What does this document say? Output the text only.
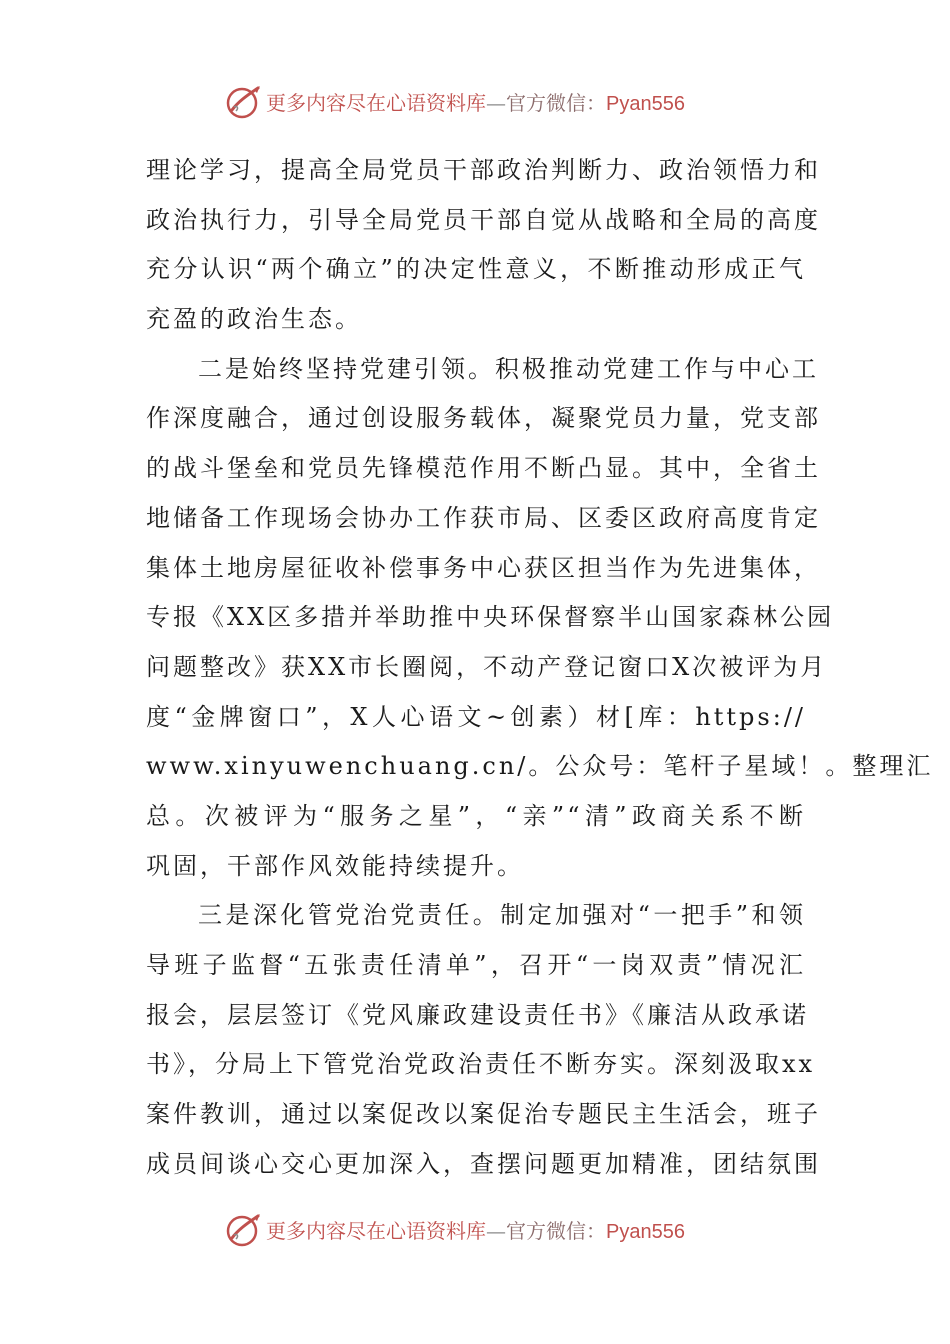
更多内容尽在心语资料库—官方微信：Pyan556
理论学习，提高全局党员干部政治判断力、政治领悟力和
政治执行力，引导全局党员干部自觉从战略和全局的高度
充分认识“两个确立”的决定性意义，不断推动形成正气
充盈的政治生态。
二是始终坚持党建引领。积极推动党建工作与中心工
作深度融合，通过创设服务载体，凝聚党员力量，党支部
的战斗堡垒和党员先锋模范作用不断凸显。其中，全省土
地储备工作现场会协办工作获市局、区委区政府高度肯定
集体土地房屋征收补偿事务中心获区担当作为先进集体，
专报《XX区多措并举助推中央环保督察半山国家森林公园
问题整改》获XX市长圈阅，不动产登记窗口X次被评为月
度“金牌窗口”，X人心语文~创素）材[库：https://
www.xinyuwenchuang.cn/。公众号：笔杆子星域！。整理汇
总。次被评为“服务之星”，“亲”“清”政商关系不断
巩固，干部作风效能持续提升。
三是深化管党治党责任。制定加强对“一把手”和领
导班子监督“五张责任清单”，召开“一岗双责”情况汇
报会，层层签订《党风廉政建设责任书》《廉洁从政承诺
书》，分局上下管党治党政治责任不断夯实。深刻汲取xx
案件教训，通过以案促改以案促治专题民主生活会，班子
成员间谈心交心更加深入，查摆问题更加精准，团结氛围
更多内容尽在心语资料库—官方微信：Pyan556
